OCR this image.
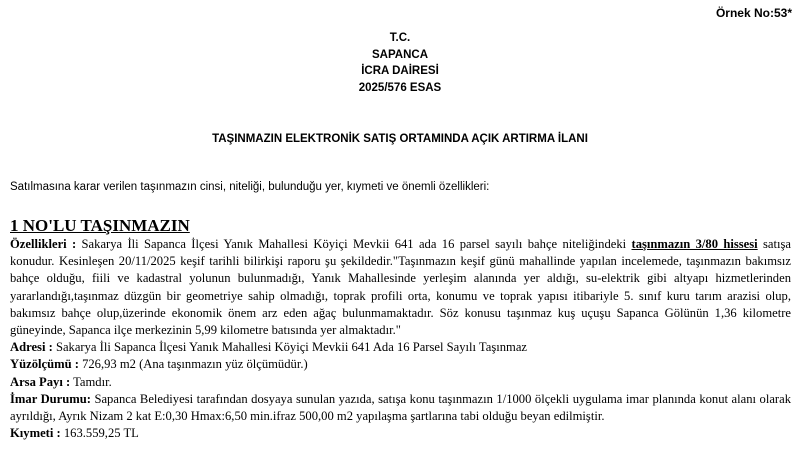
Örnek No:53*
T.C.
SAPANCA
İCRA DAİRESİ
2025/576 ESAS
TAŞINMAZIN ELEKTRONİK SATIŞ ORTAMINDA AÇIK ARTIRMA İLANI
Satılmasına karar verilen taşınmazın cinsi, niteliği, bulunduğu yer, kıymeti ve önemli özellikleri:
1 NO'LU TAŞINMAZIN

Özellikleri : Sakarya İli Sapanca İlçesi Yanık Mahallesi Köyiçi Mevkii 641 ada 16 parsel sayılı bahçe niteliğindeki taşınmazın 3/80 hissesi satışa konudur. Kesinleşen 20/11/2025 keşif tarihli bilirkişi raporu şu şekildedir."Taşınmazın keşif günü mahallinde yapılan incelemede, taşınmazın bakımsız bahçe olduğu, fiili ve kadastral yolunun bulunmadığı, Yanık Mahallesinde yerleşim alanında yer aldığı, su-elektrik gibi altyapı hizmetlerinden yararlandığı,taşınmaz düzgün bir geometriye sahip olmadığı, toprak profili orta, konumu ve toprak yapısı itibariyle 5. sınıf kuru tarım arazisi olup, bakımsız bahçe olup,üzerinde ekonomik önem arz eden ağaç bulunmamaktadır. Söz konusu taşınmaz kuş uçuşu Sapanca Gölünün 1,36 kilometre güneyinde, Sapanca ilçe merkezinin 5,99 kilometre batısında yer almaktadır."

Adresi : Sakarya İli Sapanca İlçesi Yanık Mahallesi Köyiçi Mevkii 641 Ada 16 Parsel Sayılı Taşınmaz

Yüzölçümü : 726,93 m2 (Ana taşınmazın yüz ölçümüdür.)

Arsa Payı : Tamdır.

İmar Durumu: Sapanca Belediyesi tarafından dosyaya sunulan yazıda, satışa konu taşınmazın 1/1000 ölçekli uygulama imar planında konut alanı olarak ayrıldığı, Ayrık Nizam 2 kat E:0,30 Hmax:6,50 min.ifraz 500,00 m2 yapılaşma şartlarına tabi olduğu beyan edilmiştir.

Kıymeti : 163.559,25 TL
